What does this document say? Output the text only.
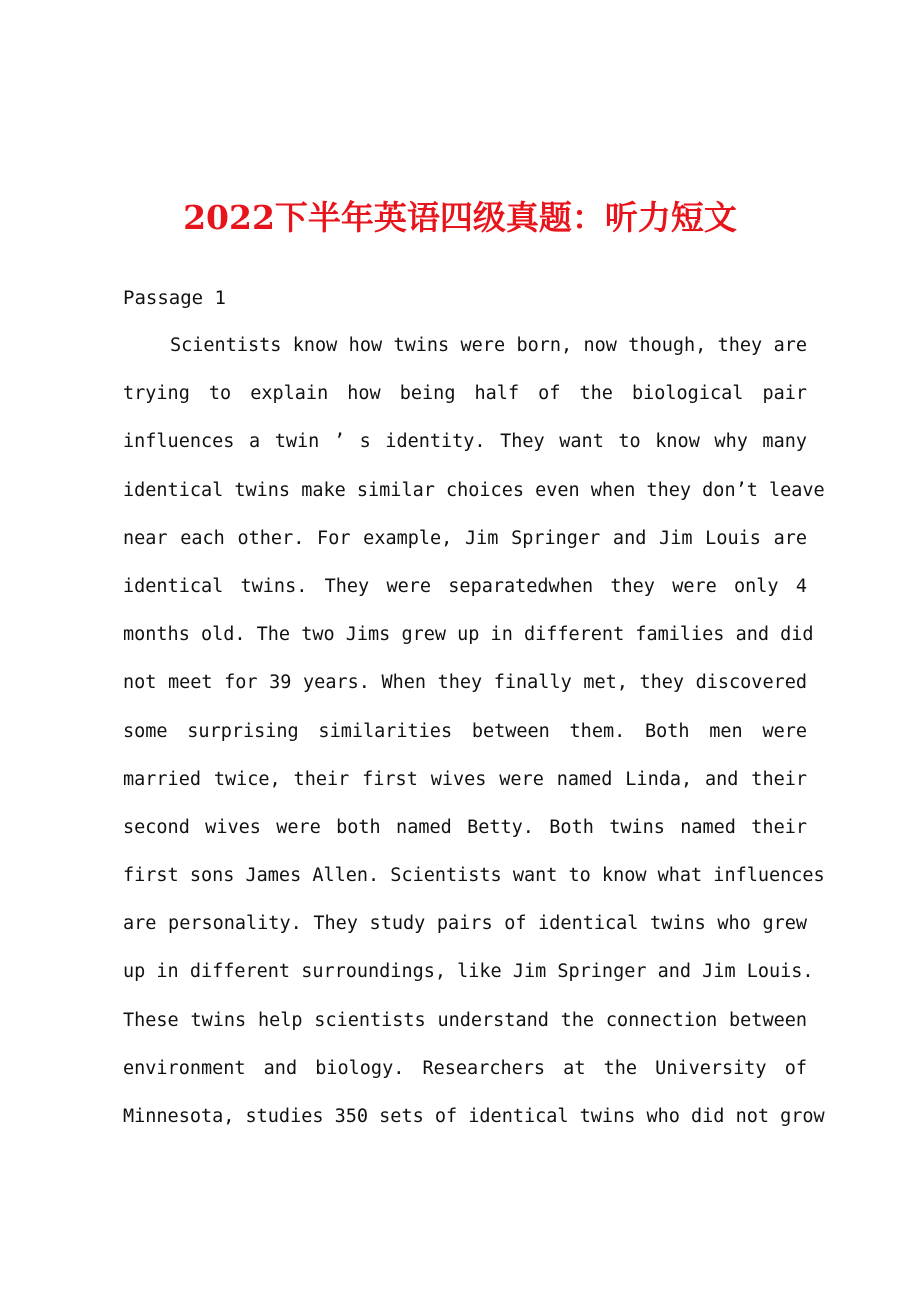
2022下半年英语四级真题：听力短文

Passage 1

Scientists know how twins were born, now though, they are
trying to explain how being half of the biological pair
influences a twin ’ s identity. They want to know why many
identical twins make similar choices even when they don’t leave
near each other. For example, Jim Springer and Jim Louis are
identical twins. They were separatedwhen they were only 4
months old. The two Jims grew up in different families and did
not meet for 39 years. When they finally met, they discovered
some surprising similarities between them. Both men were
married twice, their first wives were named Linda, and their
second wives were both named Betty. Both twins named their
first sons James Allen. Scientists want to know what influences
are personality. They study pairs of identical twins who grew
up in different surroundings, like Jim Springer and Jim Louis.
These twins help scientists understand the connection between
environment and biology. Researchers at the University of
Minnesota, studies 350 sets of identical twins who did not grow
